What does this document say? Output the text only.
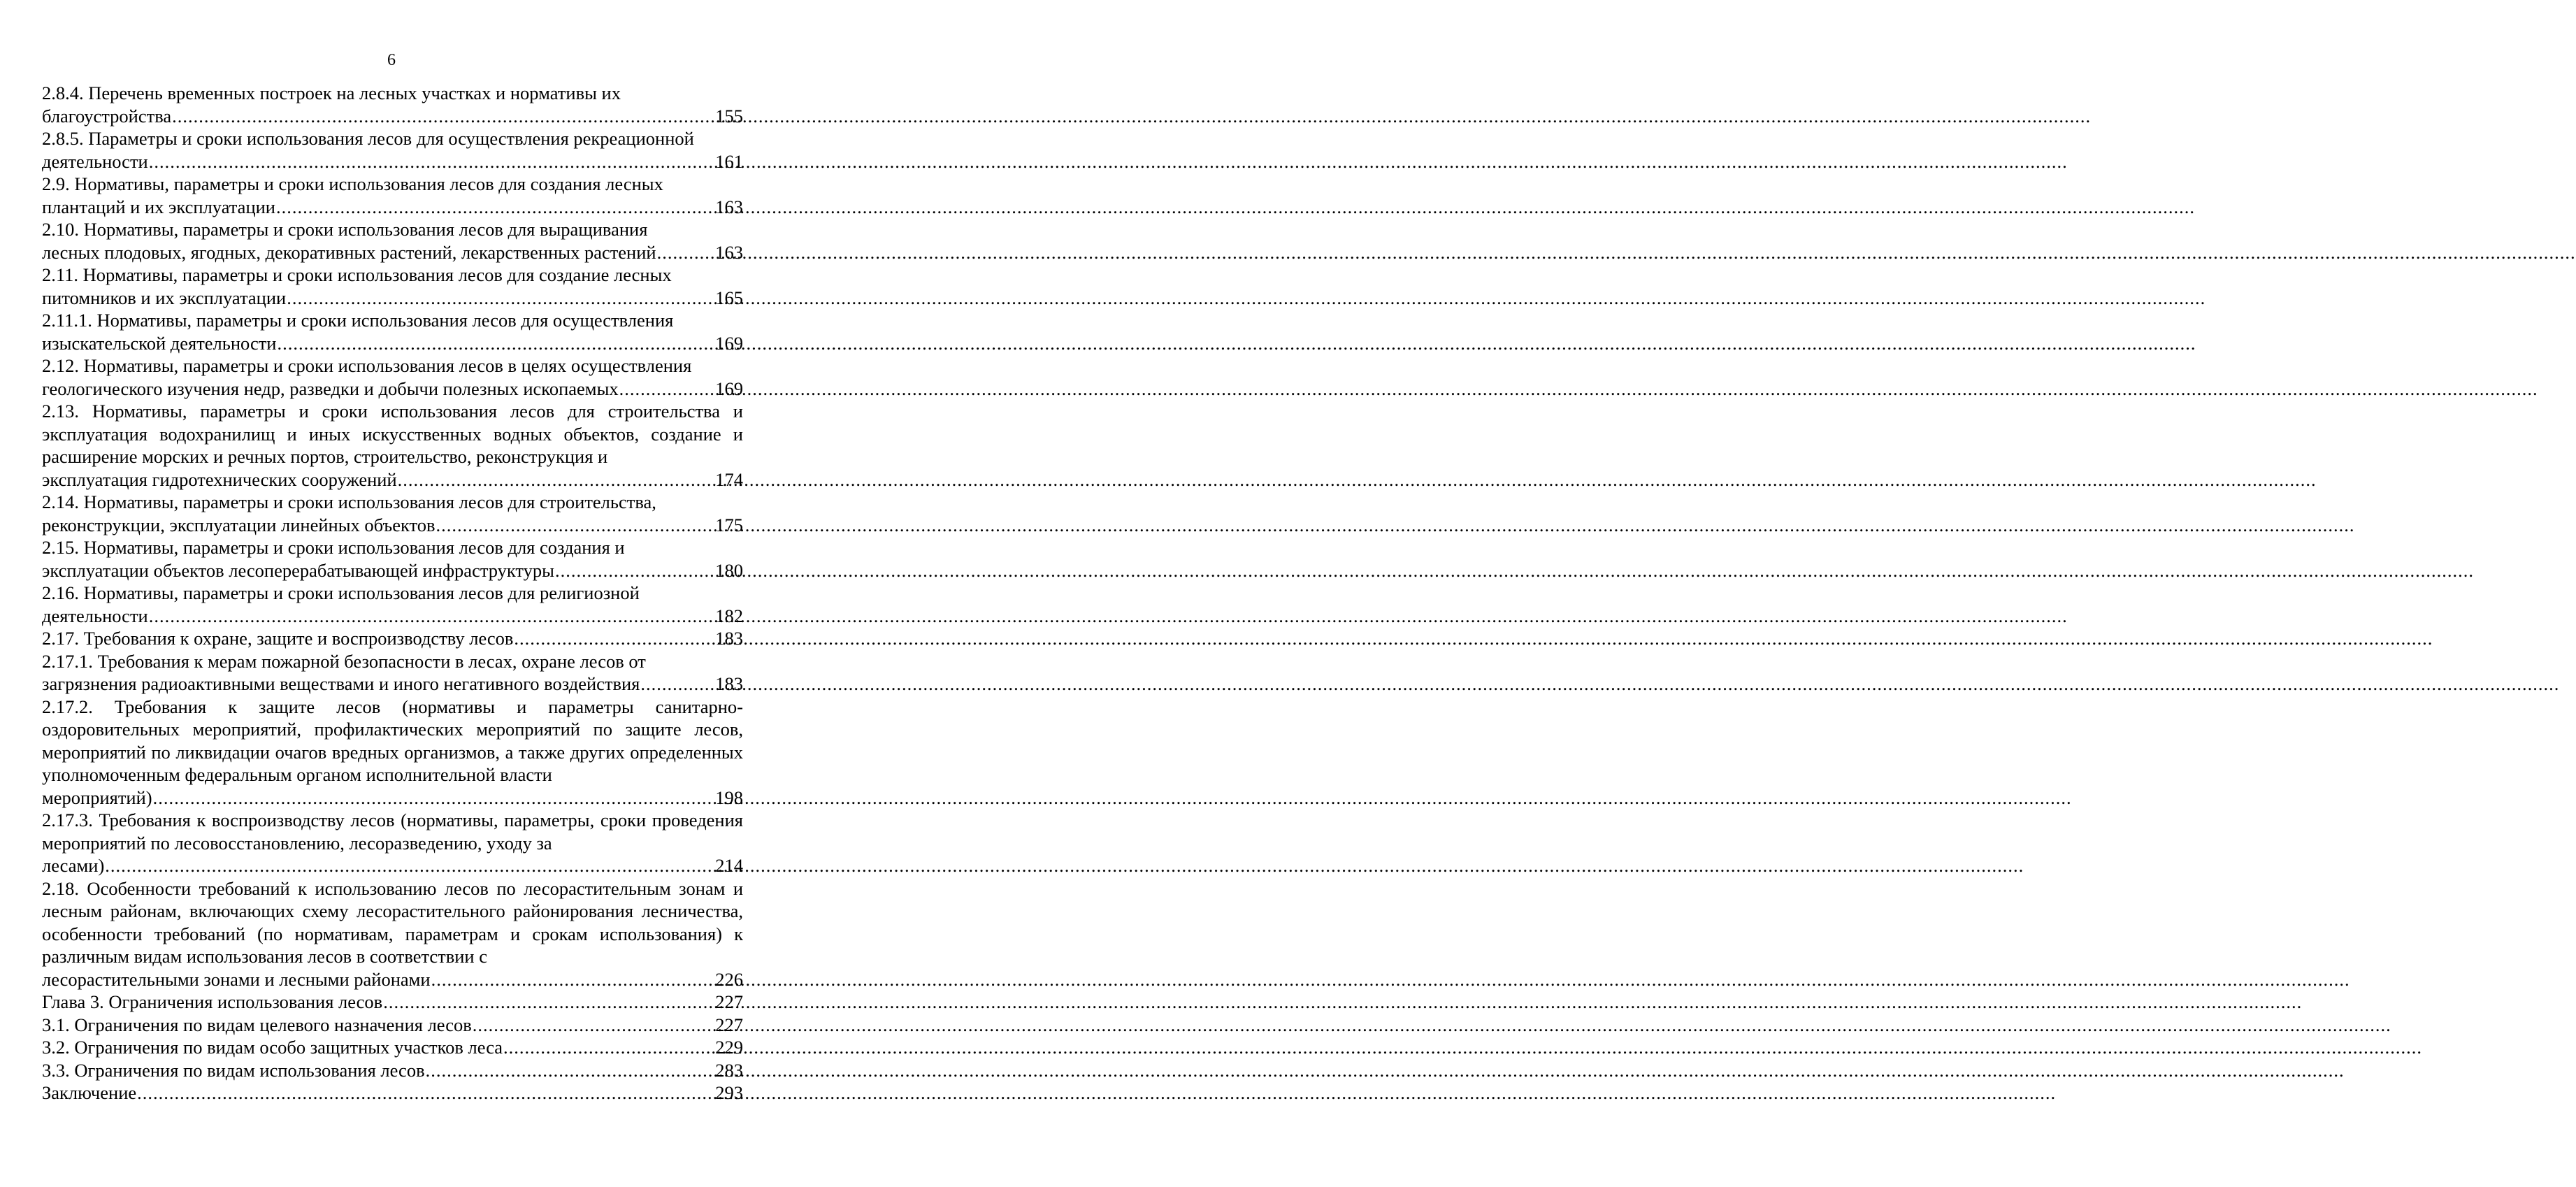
6
2.8.4. Перечень временных построек на лесных участках и нормативы их
благоустройства .....	155
2.8.5. Параметры и сроки использования лесов для осуществления рекреационной
деятельности .....	161
2.9. Нормативы, параметры и сроки использования лесов для создания лесных
плантаций и их эксплуатации .....	163
2.10. Нормативы, параметры и сроки использования лесов для выращивания
лесных плодовых, ягодных, декоративных растений, лекарственных растений .....	163
2.11. Нормативы, параметры и сроки использования лесов для создание лесных
питомников и их эксплуатации .....	165
2.11.1. Нормативы, параметры и сроки использования лесов для осуществления
изыскательской деятельности .....	169
2.12. Нормативы, параметры и сроки использования лесов в целях осуществления
геологического изучения недр, разведки и добычи полезных ископаемых .....	169
2.13. Нормативы, параметры и сроки использования лесов для строительства и эксплуатация водохранилищ и иных искусственных водных объектов, создание и расширение морских и речных портов, строительство, реконструкция и
эксплуатация гидротехнических сооружений .....	174
2.14. Нормативы, параметры и сроки использования лесов для строительства,
реконструкции, эксплуатации линейных объектов .....	175
2.15. Нормативы, параметры и сроки использования лесов для создания и
эксплуатации объектов лесоперерабатывающей инфраструктуры .....	180
2.16. Нормативы, параметры и сроки использования лесов для религиозной
деятельности .....	182
2.17. Требования к охране, защите и воспроизводству лесов .....	183
2.17.1. Требования к мерам пожарной безопасности в лесах, охране лесов от
загрязнения радиоактивными веществами и иного негативного воздействия .....	183
2.17.2. Требования к защите лесов (нормативы и параметры санитарно-оздоровительных мероприятий, профилактических мероприятий по защите лесов, мероприятий по ликвидации очагов вредных организмов, а также других определенных уполномоченным федеральным органом исполнительной власти
мероприятий) .....	198
2.17.3. Требования к воспроизводству лесов (нормативы, параметры, сроки проведения мероприятий по лесовосстановлению, лесоразведению, уходу за
лесами) .....	214
2.18. Особенности требований к использованию лесов по лесорастительным зонам и лесным районам, включающих схему лесорастительного районирования лесничества, особенности требований (по нормативам, параметрам и срокам использования) к различным видам использования лесов в соответствии с
лесорастительными зонами и лесными районами .....	226
Глава 3. Ограничения использования лесов .....	227
3.1. Ограничения по видам целевого назначения лесов .....	227
3.2. Ограничения по видам особо защитных участков леса .....	229
3.3. Ограничения по видам использования лесов .....	283
Заключение .....	293
